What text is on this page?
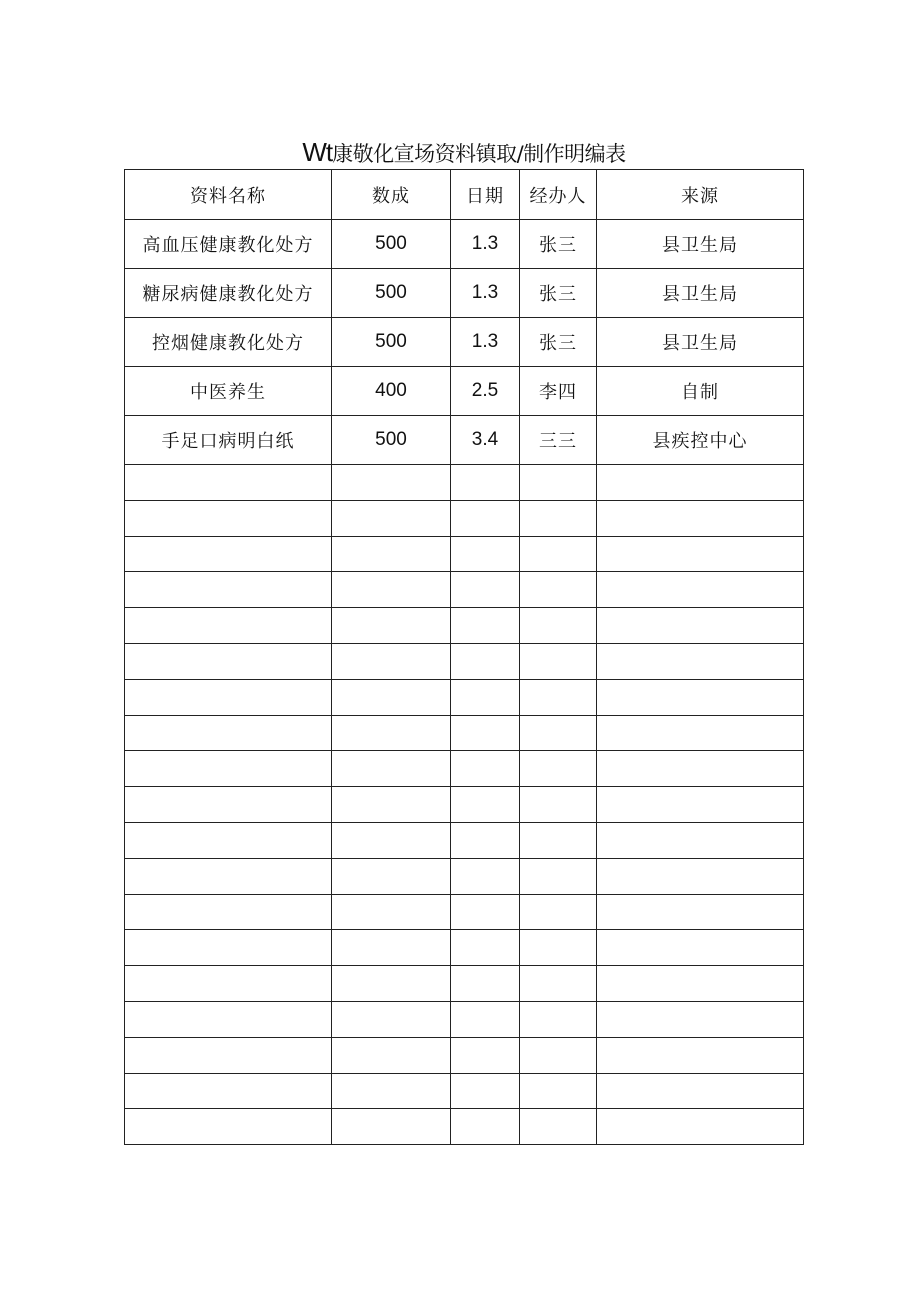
Wt康敬化宣场资料镇取/制作明编表
资料名称	数成	日期	经办人	来源
高血压健康教化处方	500	1.3	张三	县卫生局
糖尿病健康教化处方	500	1.3	张三	县卫生局
控烟健康教化处方	500	1.3	张三	县卫生局
中医养生	400	2.5	李四	自制
手足口病明白纸	500	3.4	三三	县疾控中心
